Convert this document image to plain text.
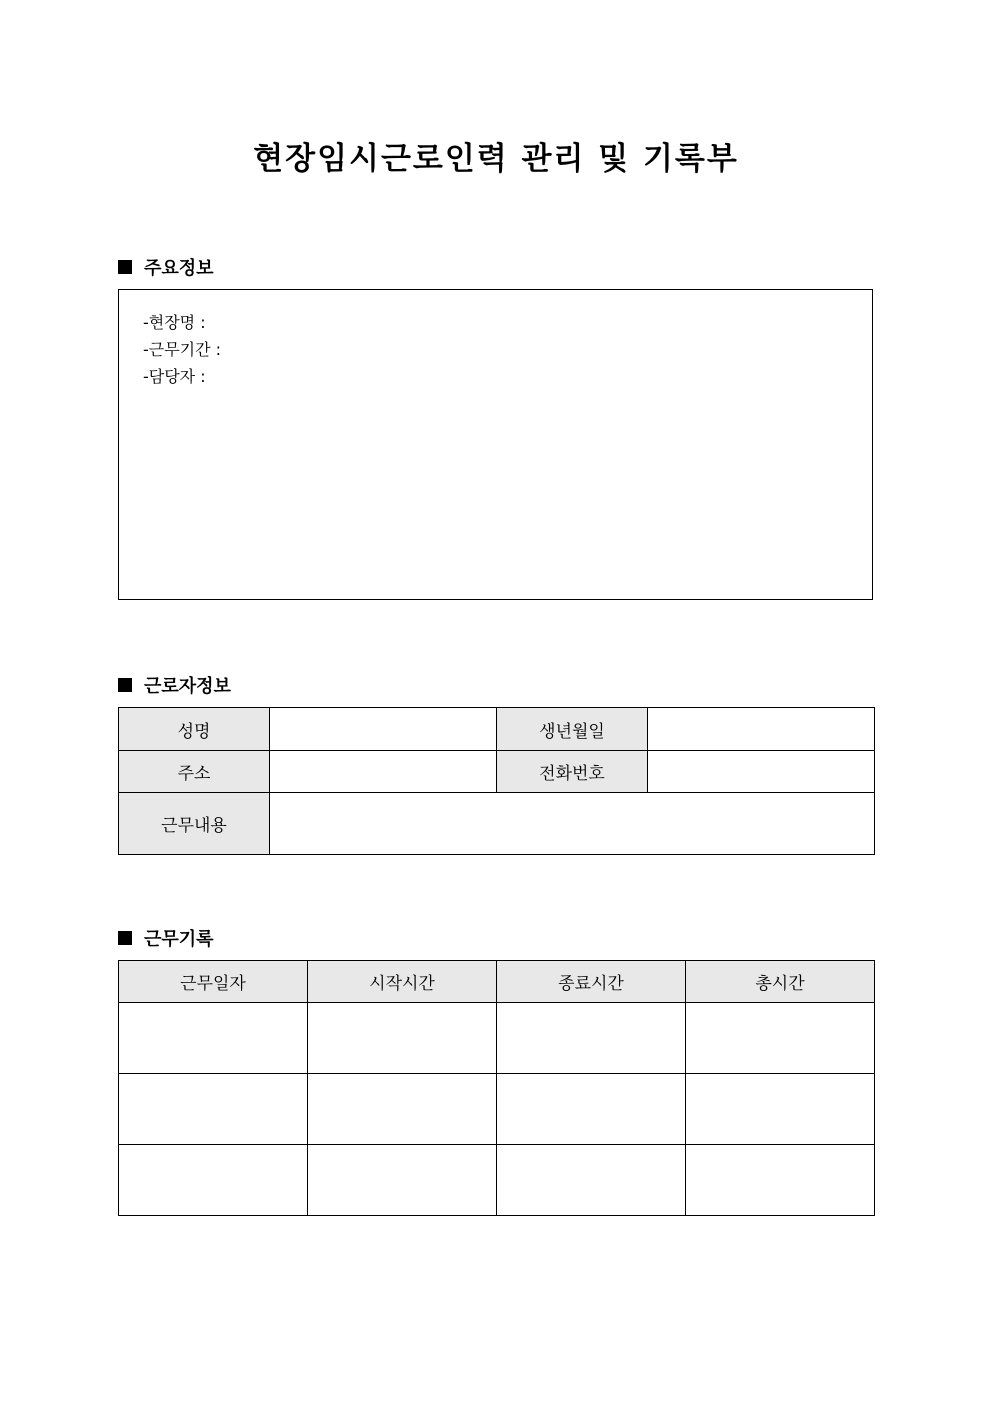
현장임시근로인력 관리 및 기록부
주요정보
-현장명 :
-근무기간 :
-담당자 :
근로자정보
성명		생년월일	
주소		전화번호	
근무내용			
근무기록
근무일자	시작시간	종료시간	총시간
